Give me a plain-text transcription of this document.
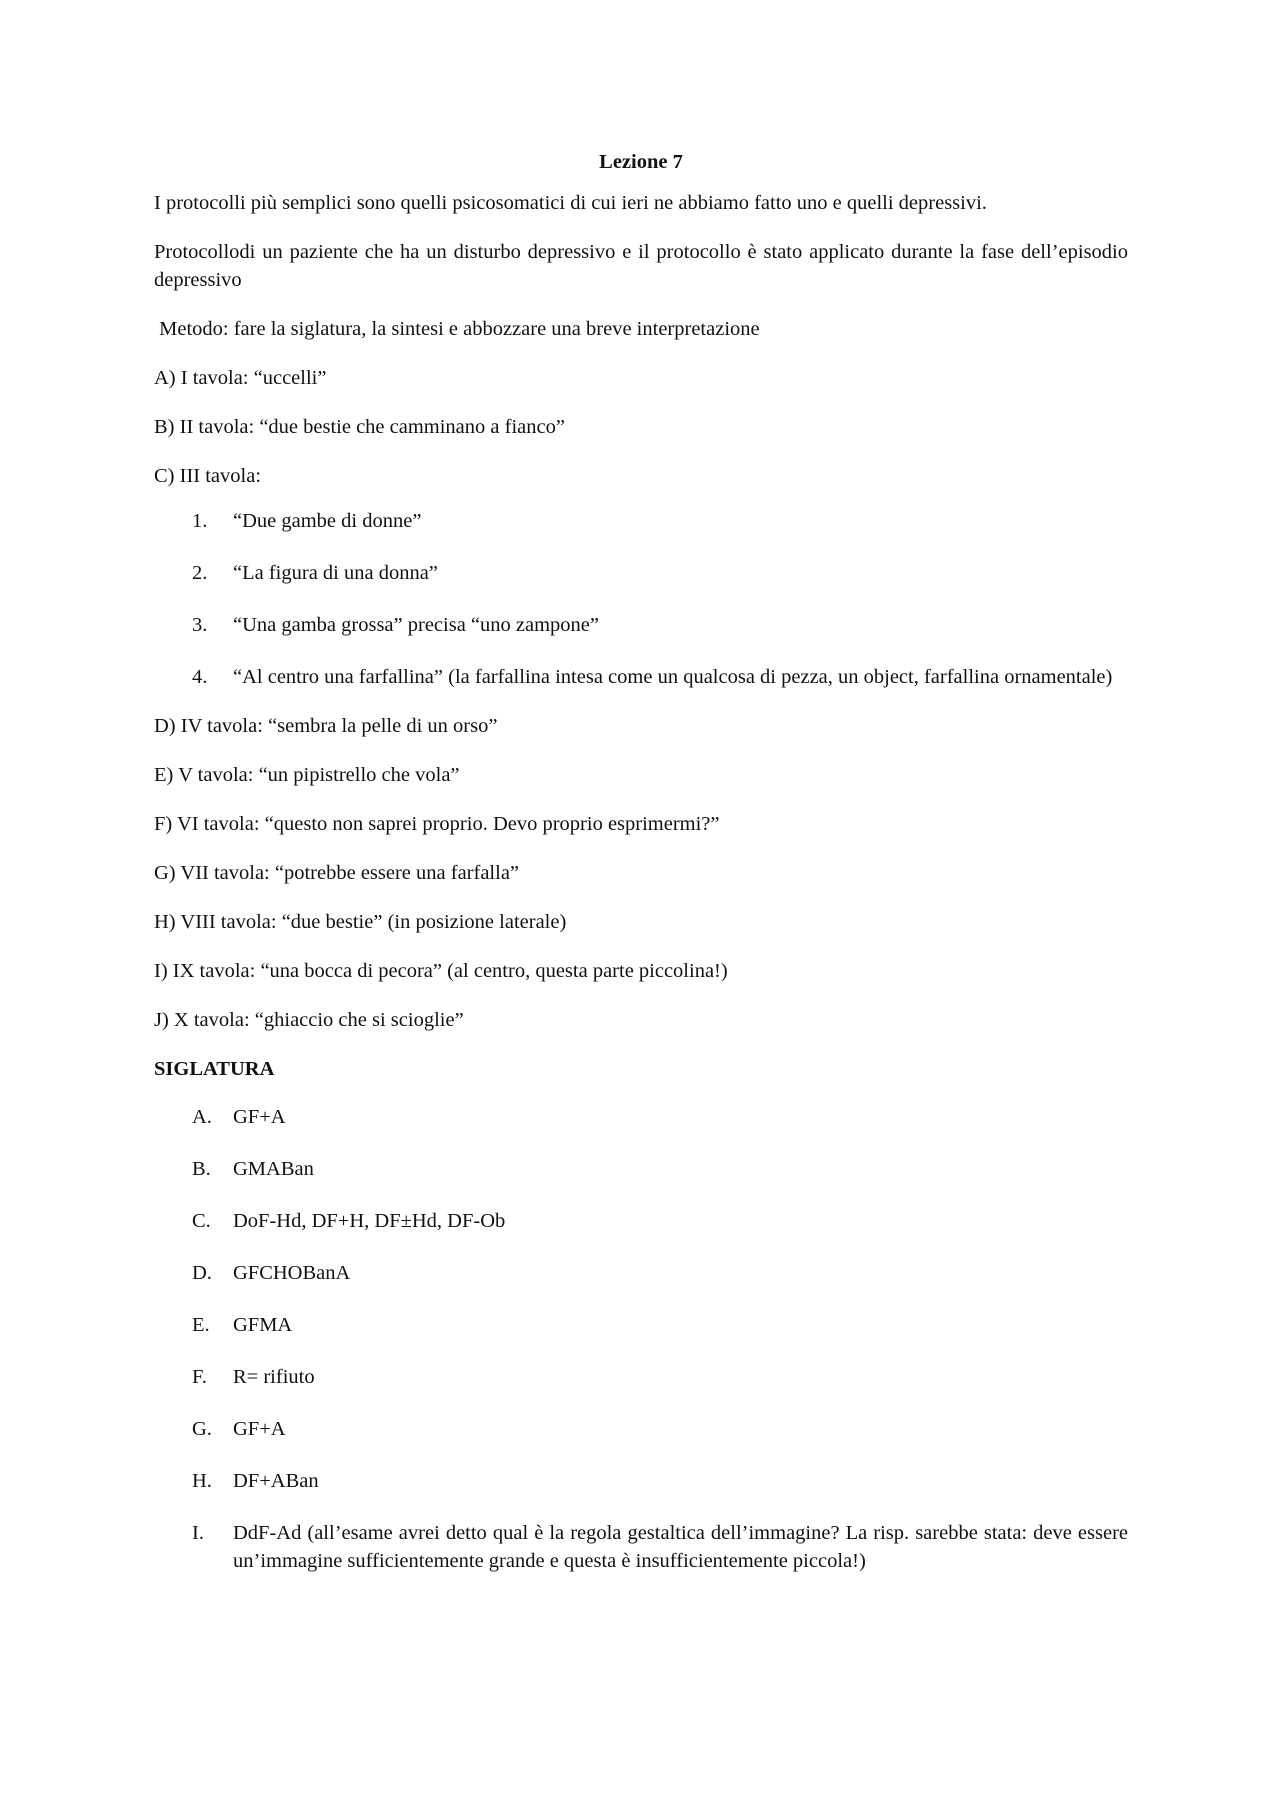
Lezione 7

I protocolli più semplici sono quelli psicosomatici di cui ieri ne abbiamo fatto uno e quelli depressivi.

Protocollodi un paziente che ha un disturbo depressivo e il protocollo è stato applicato durante la fase dell’episodio depressivo

Metodo: fare la siglatura, la sintesi e abbozzare una breve interpretazione

A) I tavola: “uccelli”

B) II tavola: “due bestie che camminano a fianco”

C) III tavola:

1.	“Due gambe di donne”
2.	“La figura di una donna”
3.	“Una gamba grossa” precisa “uno zampone”
4.	“Al centro una farfallina” (la farfallina intesa come un qualcosa di pezza, un object, farfallina ornamentale)

D) IV tavola: “sembra la pelle di un orso”

E) V tavola: “un pipistrello che vola”

F) VI tavola: “questo non saprei proprio. Devo proprio esprimermi?”

G) VII tavola: “potrebbe essere una farfalla”

H) VIII tavola: “due bestie” (in posizione laterale)

I) IX tavola: “una bocca di pecora” (al centro, questa parte piccolina!)

J) X tavola: “ghiaccio che si scioglie”

SIGLATURA
A.	GF+A
B.	GMABan
C.	DoF-Hd, DF+H, DF±Hd, DF-Ob
D.	GFCHOBanA
E.	GFMA
F.	R= rifiuto
G.	GF+A
H.	DF+ABan
I.	DdF-Ad (all’esame avrei detto qual è la regola gestaltica dell’immagine? La risp. sarebbe stata: deve essere un’immagine sufficientemente grande e questa è insufficientemente piccola!)
